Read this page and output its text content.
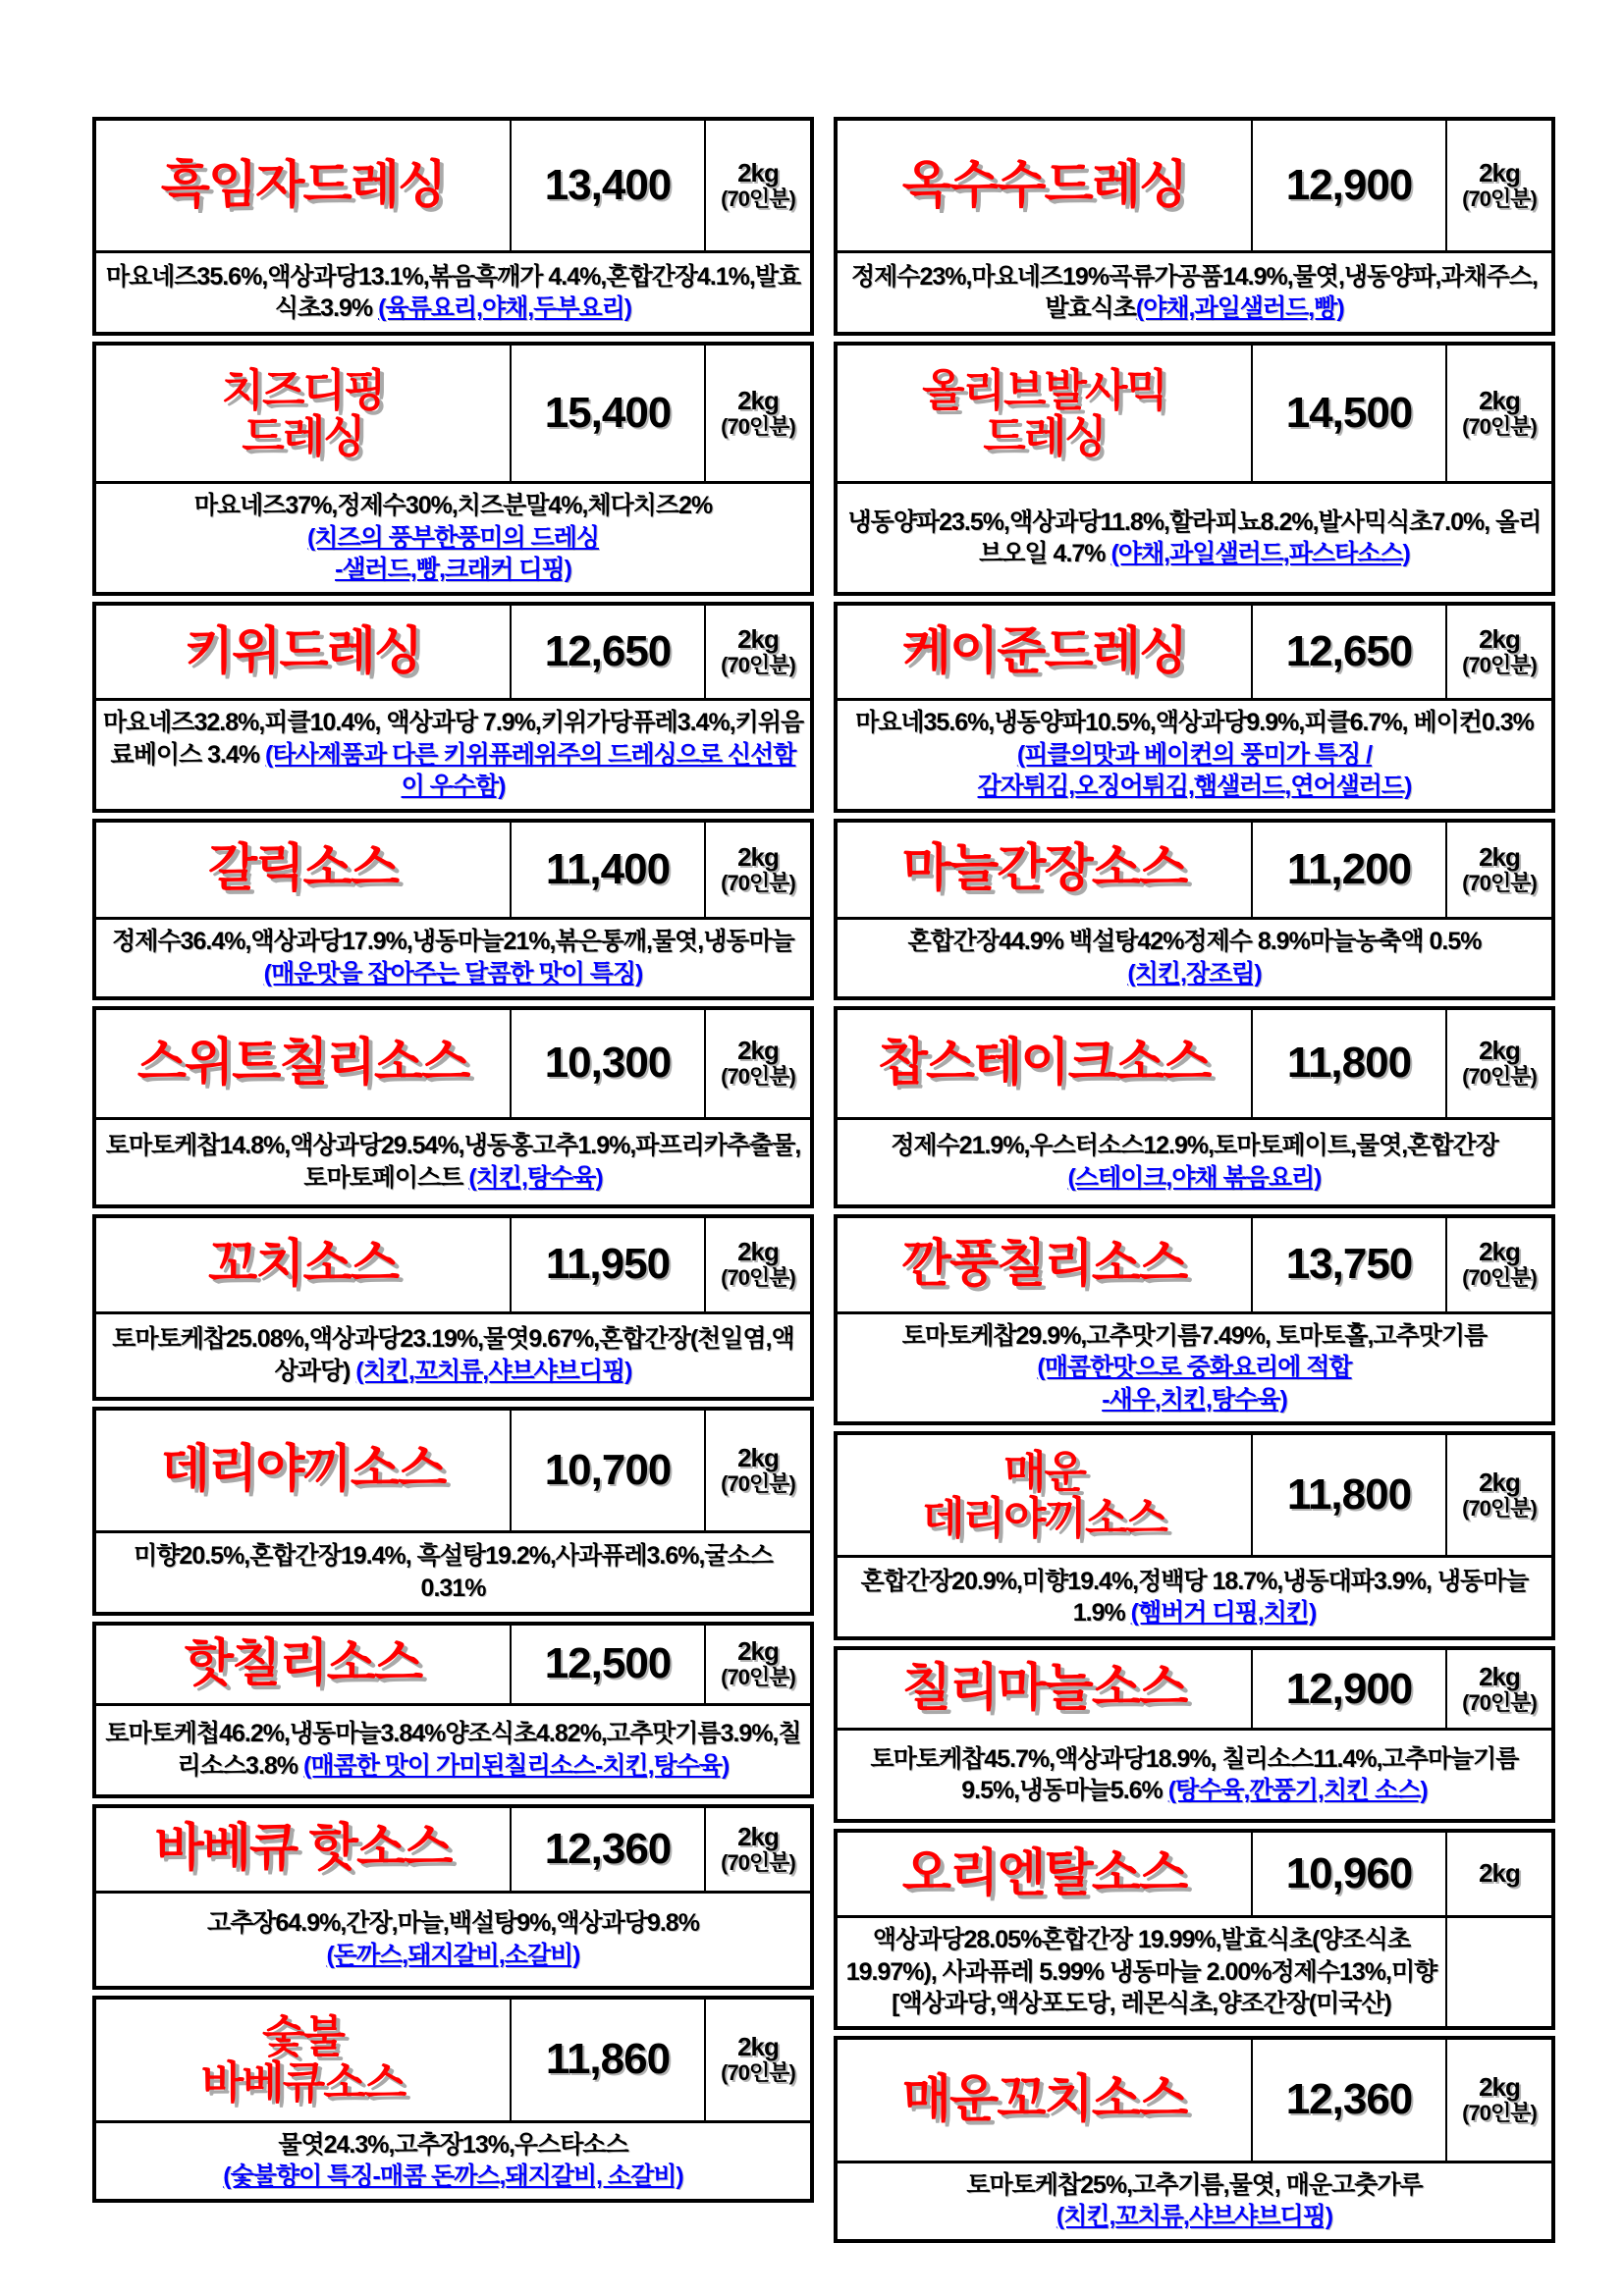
흑임자드레싱	13,400	2kg
(70인분)

마요네즈35.6%,액상과당13.1%,볶음흑깨가 4.4%,혼합간장4.1%,발효식초3.9% (육류요리,야채,두부요리)

치즈디핑
드레싱	15,400	2kg
(70인분)

마요네즈37%,정제수30%,치즈분말4%,체다치즈2%
(치즈의 풍부한풍미의 드레싱
-샐러드,빵,크래커 디핑)

키위드레싱	12,650	2kg
(70인분)

마요네즈32.8%,피클10.4%, 액상과당 7.9%,키위가당퓨레3.4%,키위음료베이스 3.4% (타사제품과 다른 키위퓨레위주의 드레싱으로 신선함이 우수함)

갈릭소스	11,400	2kg
(70인분)

정제수36.4%,액상과당17.9%,냉동마늘21%,볶은통깨,물엿,냉동마늘
(매운맛을 잡아주는 달콤한 맛이 특징)

스위트칠리소스	10,300	2kg
(70인분)

토마토케찹14.8%,액상과당29.54%,냉동홍고추1.9%,파프리카추출물,토마토페이스트 (치킨,탕수육)

꼬치소스	11,950	2kg
(70인분)

토마토케찹25.08%,액상과당23.19%,물엿9.67%,혼합간장(천일염,액상과당) (치킨,꼬치류,샤브샤브디핑)

데리야끼소스	10,700	2kg
(70인분)

미향20.5%,혼합간장19.4%, 흑설탕19.2%,사과퓨레3.6%,굴소스 0.31%

핫칠리소스	12,500	2kg
(70인분)

토마토케첩46.2%,냉동마늘3.84%양조식초4.82%,고추맛기름3.9%,칠리소스3.8% (매콤한 맛이 가미된칠리소스-치킨,탕수육)

바베큐 핫소스	12,360	2kg
(70인분)

고추장64.9%,간장,마늘,백설탕9%,액상과당9.8%
(돈까스,돼지갈비,소갈비)

숯불
바베큐소스	11,860	2kg
(70인분)

물엿24.3%,고추장13%,우스타소스
(숯불향이 특징-매콤 돈까스,돼지갈비, 소갈비)

옥수수드레싱	12,900	2kg
(70인분)

정제수23%,마요네즈19%곡류가공품14.9%,물엿,냉동양파,과채주스, 발효식초(야채,과일샐러드,빵)

올리브발사믹
드레싱	14,500	2kg
(70인분)

냉동양파23.5%,액상과당11.8%,할라피뇨8.2%,발사믹식초7.0%, 올리브오일 4.7% (야채,과일샐러드,파스타소스)

케이준드레싱	12,650	2kg
(70인분)

마요네35.6%,냉동양파10.5%,액상과당9.9%,피클6.7%, 베이컨0.3%
(피클의맛과 베이컨의 풍미가 특징 /
감자튀김,오징어튀김,햄샐러드,연어샐러드)

마늘간장소스	11,200	2kg
(70인분)

혼합간장44.9% 백설탕42%정제수 8.9%마늘농축액 0.5%
(치킨,장조림)

찹스테이크소스	11,800	2kg
(70인분)

정제수21.9%,우스터소스12.9%,토마토페이트,물엿,혼합간장
(스테이크,야채 볶음요리)

깐풍칠리소스	13,750	2kg
(70인분)

토마토케찹29.9%,고추맛기름7.49%, 토마토홀,고추맛기름
(매콤한맛으로 중화요리에 적합
-새우,치킨,탕수육)

매운
데리야끼소스	11,800	2kg
(70인분)

혼합간장20.9%,미향19.4%,정백당 18.7%,냉동대파3.9%, 냉동마늘 1.9% (햄버거 디핑,치킨)

칠리마늘소스	12,900	2kg
(70인분)

토마토케찹45.7%,액상과당18.9%, 칠리소스11.4%,고추마늘기름 9.5%,냉동마늘5.6% (탕수육,깐풍기,치킨 소스)

오리엔탈소스	10,960	2kg

액상과당28.05%혼합간장 19.99%,발효식초(양조식초 19.97%), 사과퓨레 5.99% 냉동마늘 2.00%정제수13%,미향[액상과당,액상포도당, 레몬식초,양조간장(미국산)

매운꼬치소스	12,360	2kg
(70인분)

토마토케찹25%,고추기름,물엿, 매운고춧가루
(치킨,꼬치류,샤브샤브디핑)
